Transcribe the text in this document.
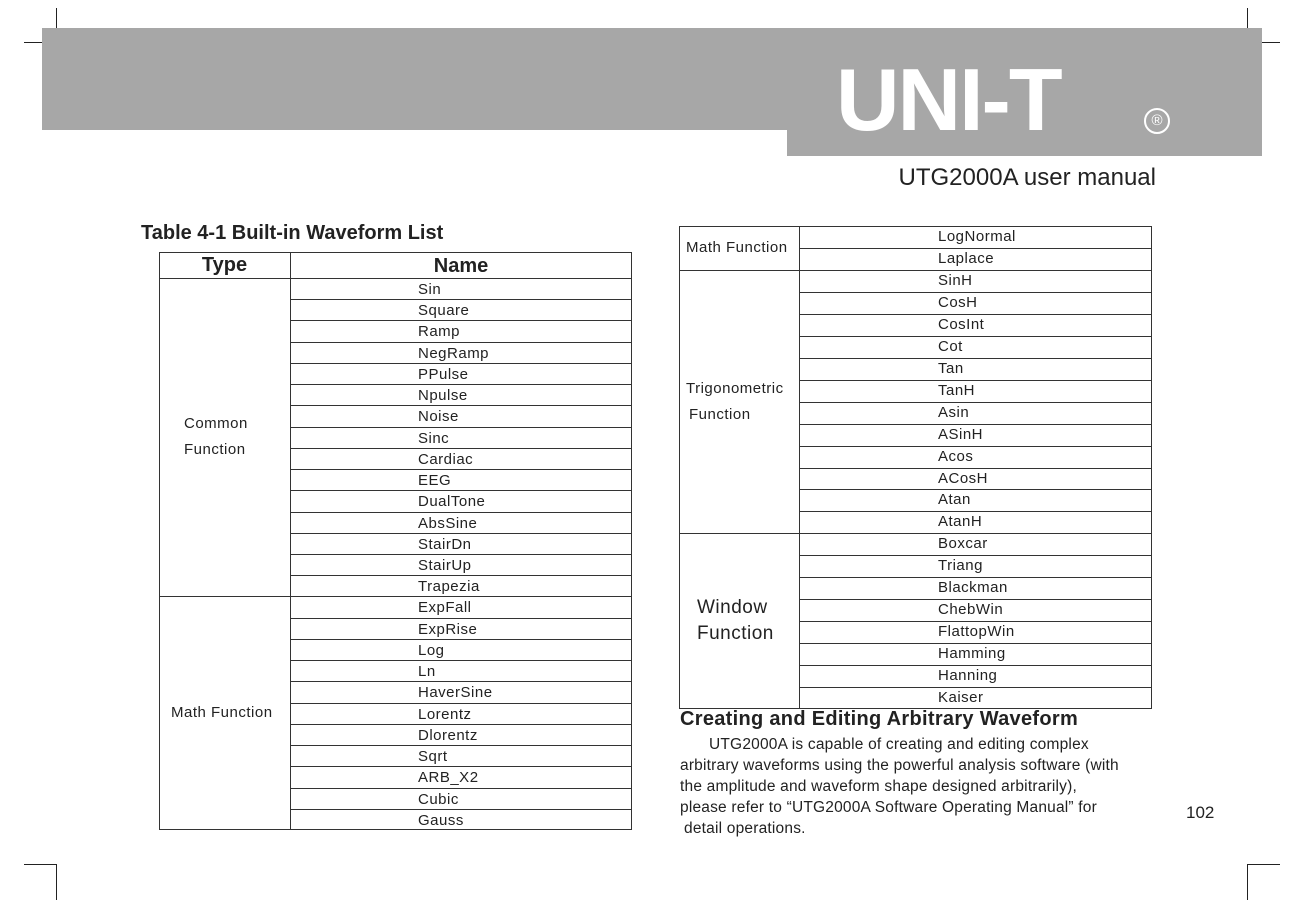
UNI-T	®
UTG2000A user manual
Table 4-1 Built-in Waveform List
Type	Name
Sin
Square
Ramp
NegRamp
PPulse
Npulse
Noise
Sinc
Cardiac
EEG
DualTone
AbsSine
StairDn
StairUp
Trapezia
Common
Function
ExpFall
ExpRise
Log
Ln
HaverSine
Lorentz
Dlorentz
Sqrt
ARB_X2
Cubic
Gauss
Math Function
LogNormal
Laplace
Math Function
SinH
CosH
CosInt
Cot
Tan
TanH
Asin
ASinH
Acos
ACosH
Atan
AtanH
Trigonometric
Function
Boxcar
Triang
Blackman
ChebWin
FlattopWin
Hamming
Hanning
Kaiser
Window
Function
Creating and Editing Arbitrary Waveform
UTG2000A is capable of creating and editing complex
arbitrary waveforms using the powerful analysis software (with
the amplitude and waveform shape designed arbitrarily),
please refer to “UTG2000A Software Operating Manual” for
detail operations.
102
